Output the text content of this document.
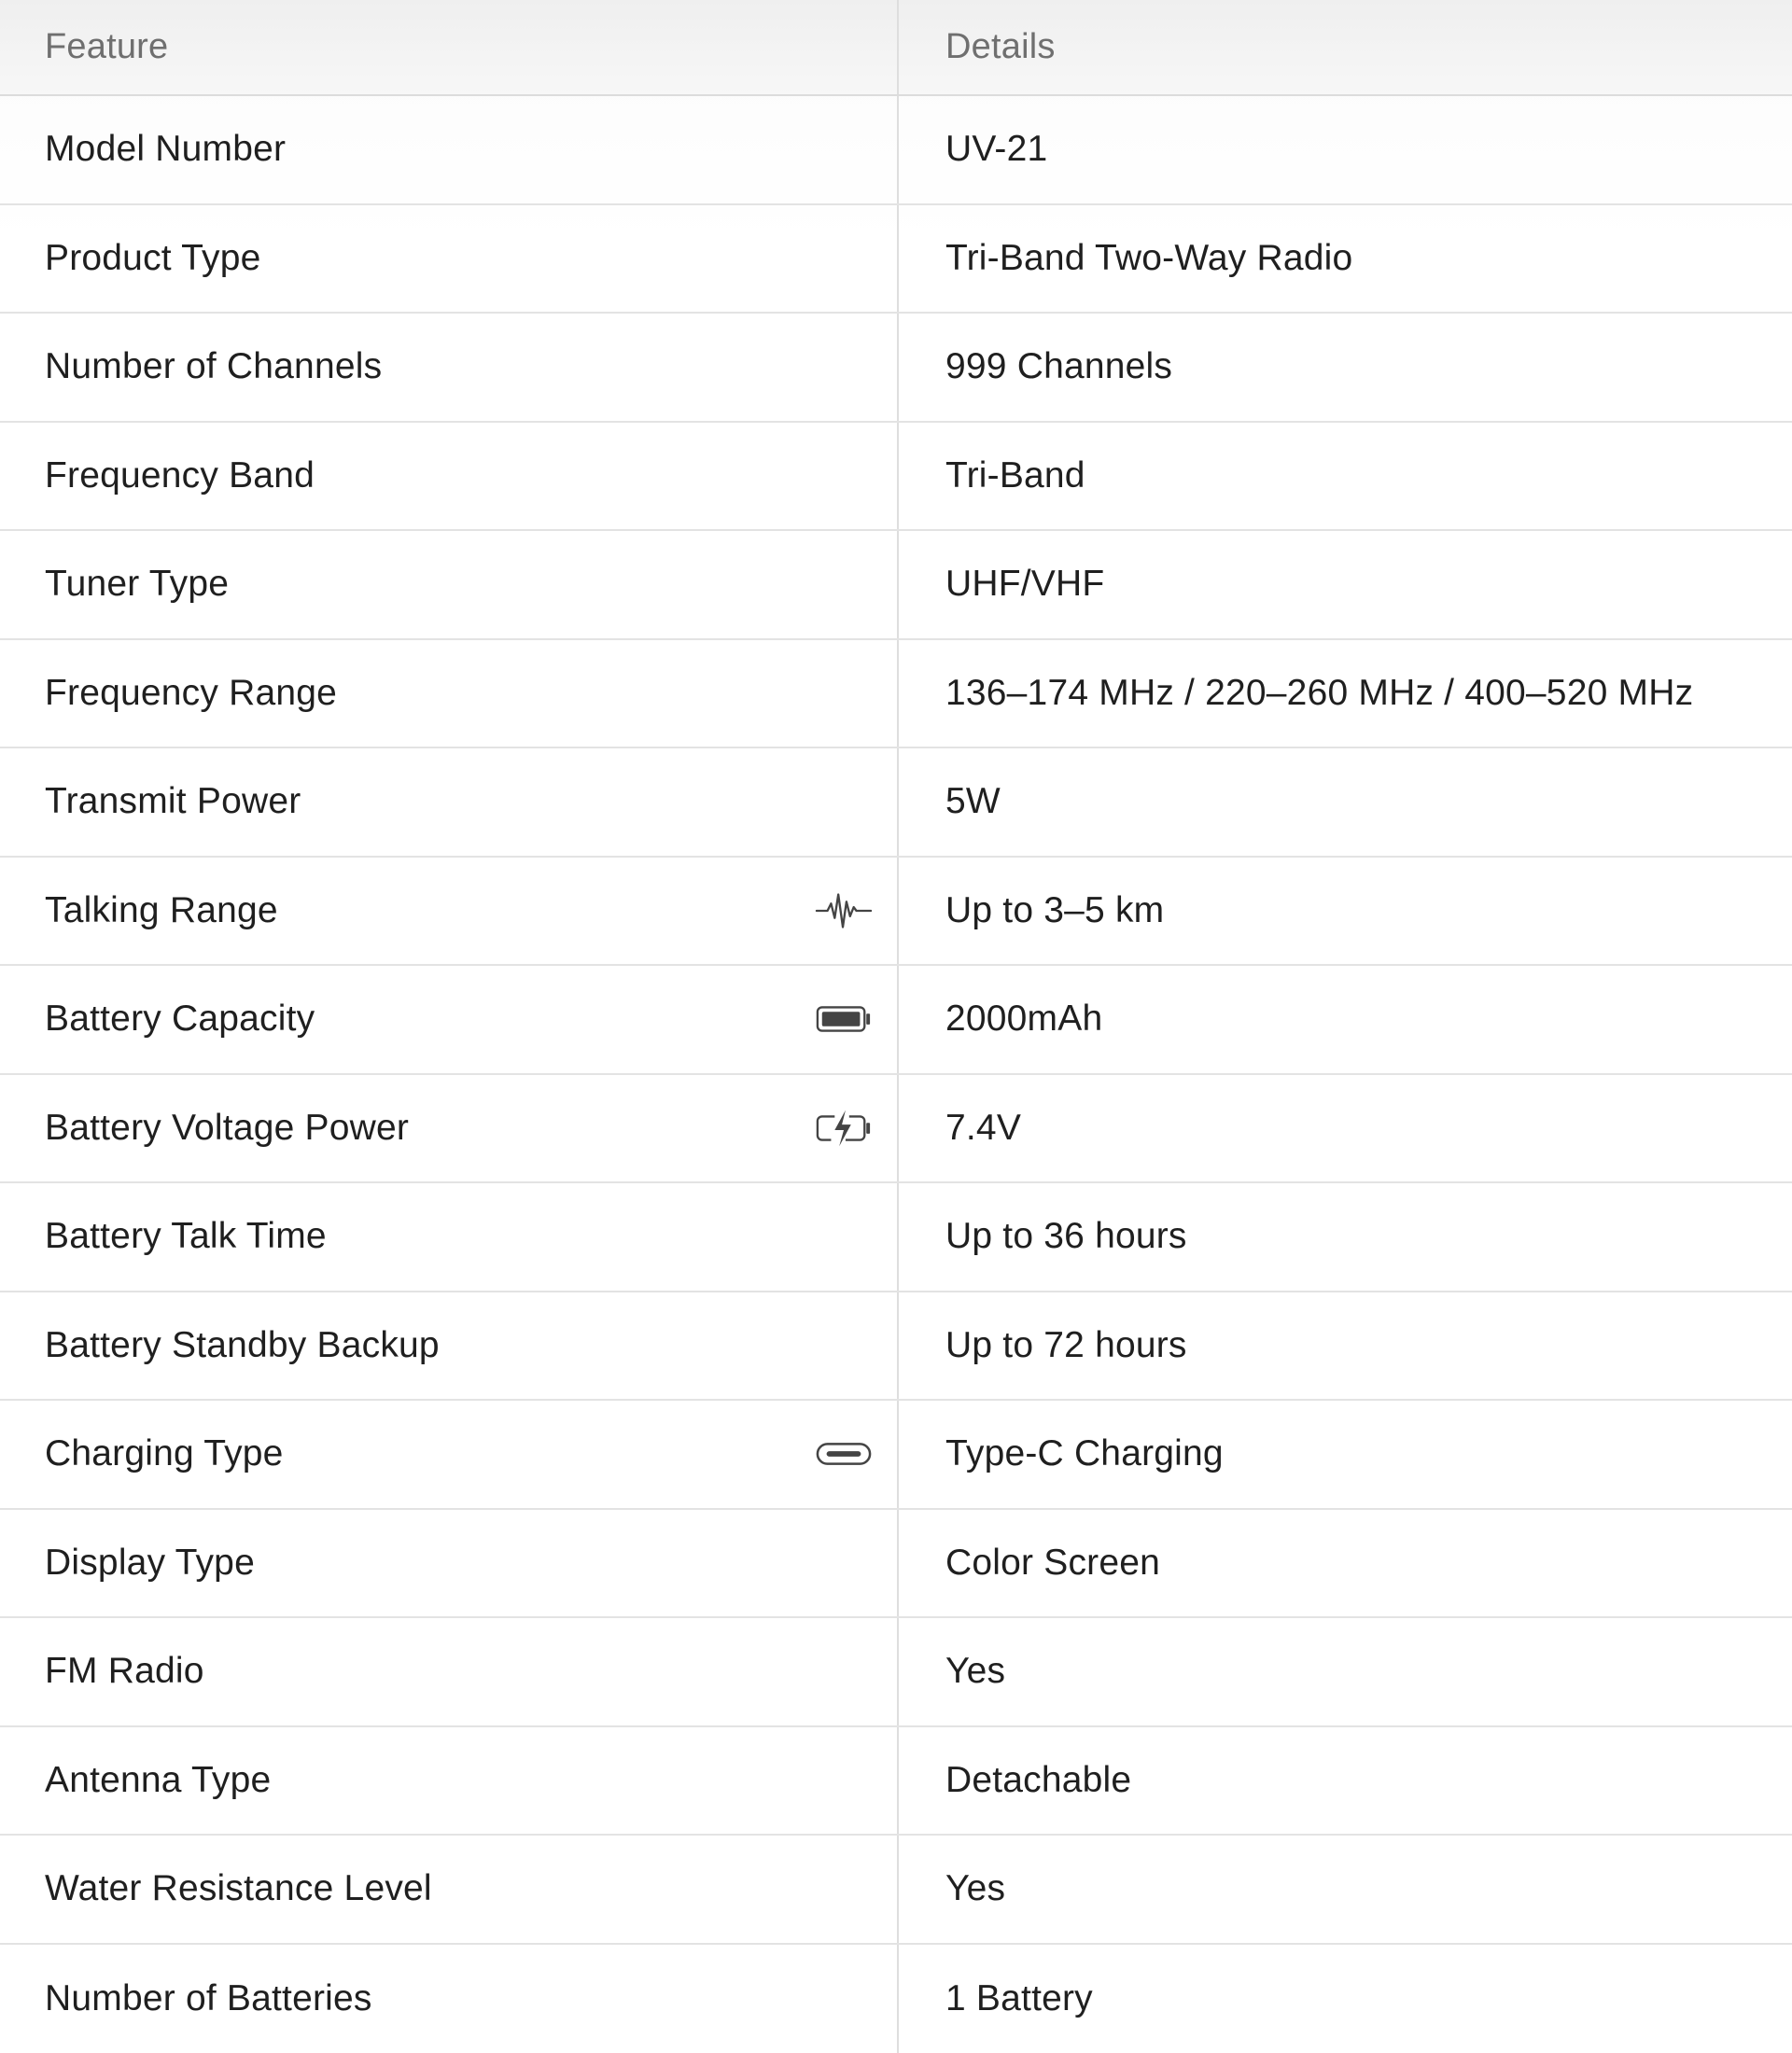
Feature	Details
Model Number	UV-21
Product Type	Tri-Band Two-Way Radio
Number of Channels	999 Channels
Frequency Band	Tri-Band
Tuner Type	UHF/VHF
Frequency Range	136–174 MHz / 220–260 MHz / 400–520 MHz
Transmit Power	5W
Talking Range	Up to 3–5 km
Battery Capacity	2000mAh
Battery Voltage Power	7.4V
Battery Talk Time	Up to 36 hours
Battery Standby Backup	Up to 72 hours
Charging Type	Type-C Charging
Display Type	Color Screen
FM Radio	Yes
Antenna Type	Detachable
Water Resistance Level	Yes
Number of Batteries	1 Battery
